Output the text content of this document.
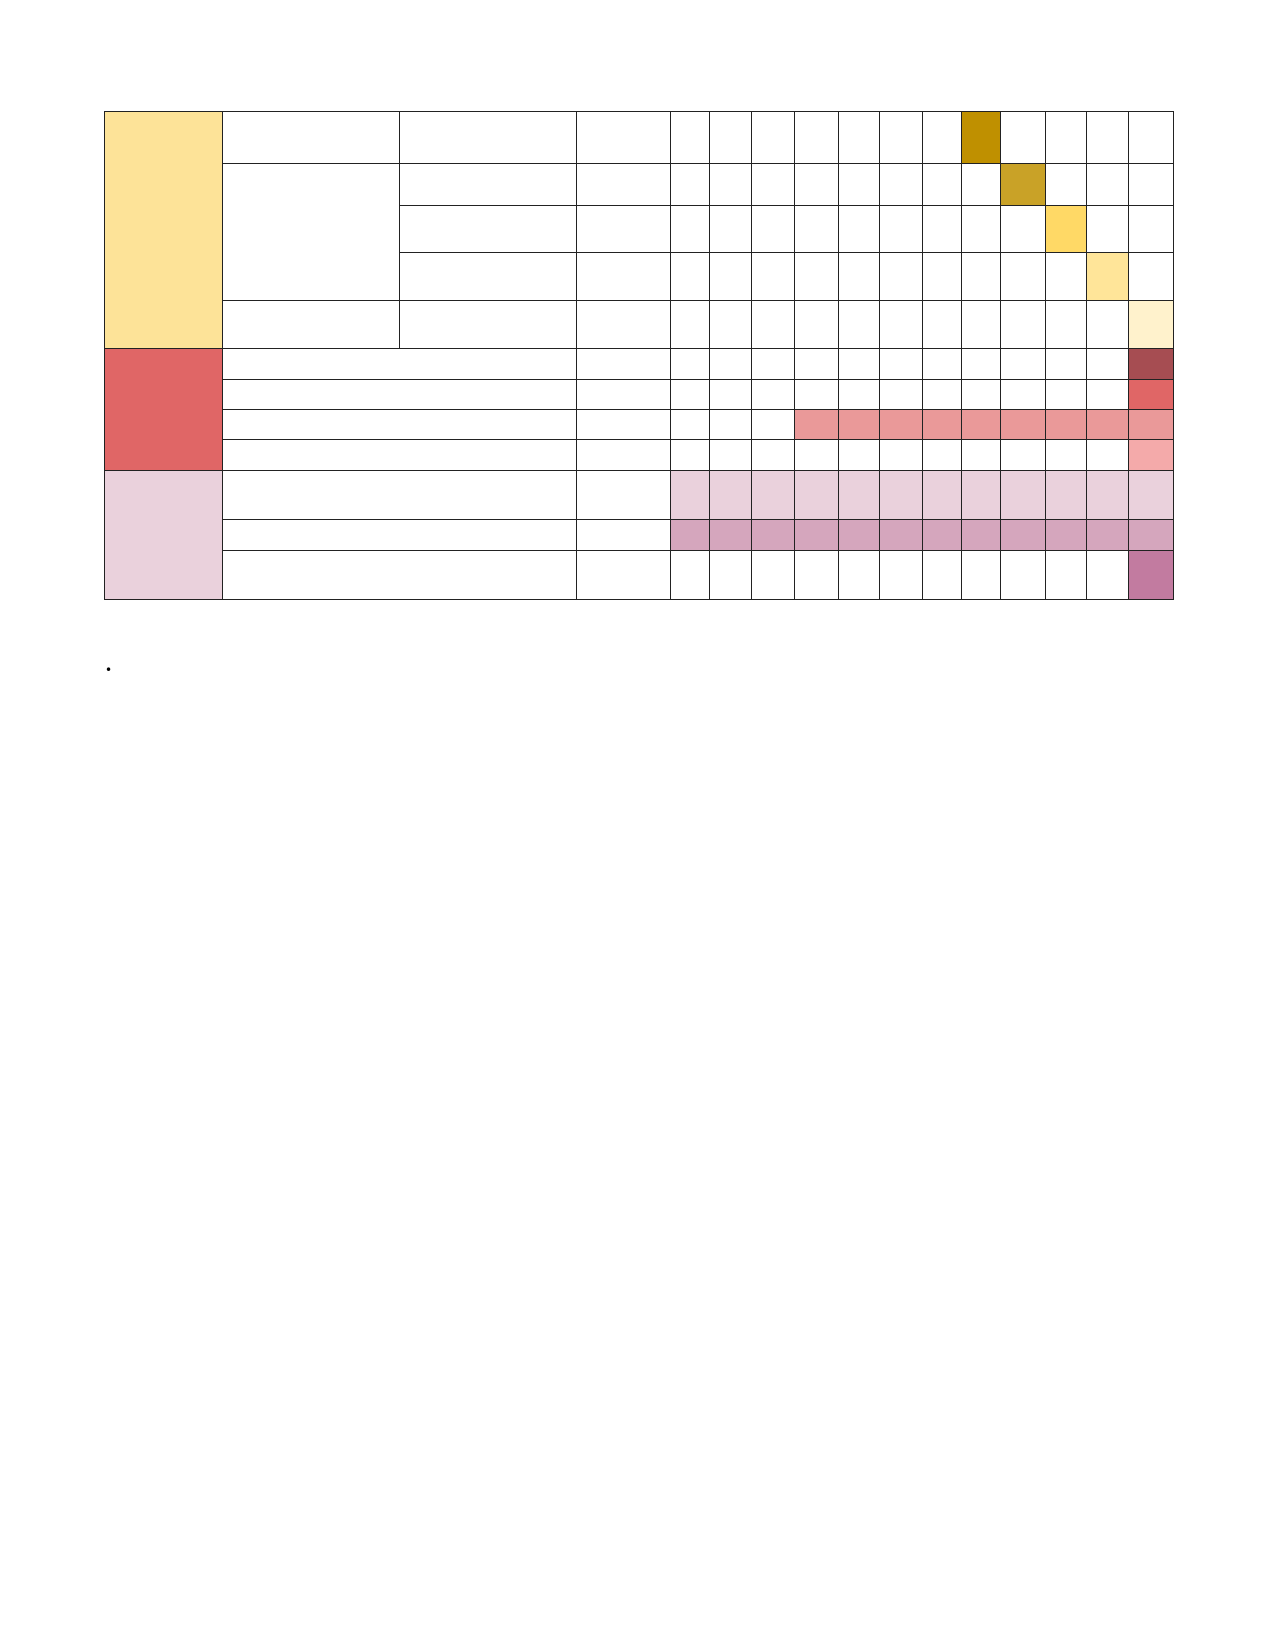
•
